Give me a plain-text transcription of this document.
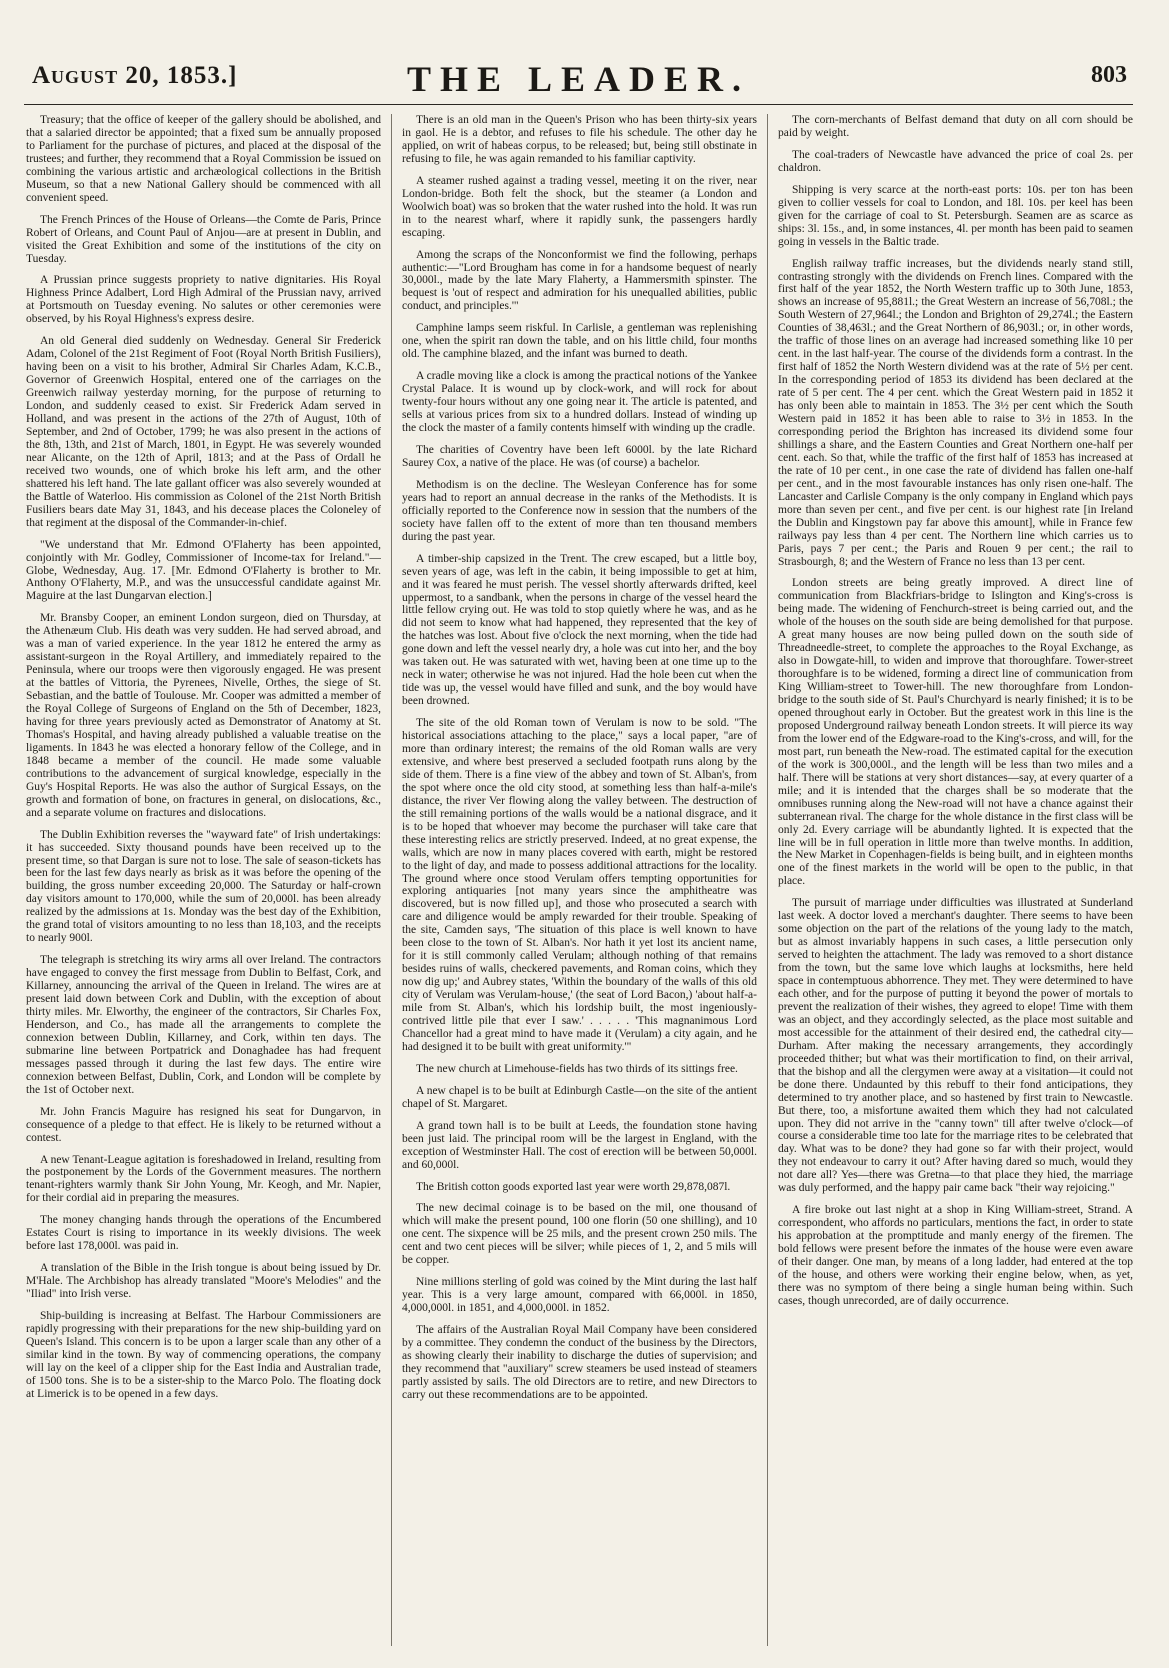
August 20, 1853.]	THE LEADER.	803

Treasury; that the office of keeper of the gallery should be abolished, and that a salaried director be appointed; that a fixed sum be annually proposed to Parliament for the purchase of pictures, and placed at the disposal of the trustees; and further, they recommend that a Royal Commission be issued on combining the various artistic and archæological collections in the British Museum, so that a new National Gallery should be commenced with all convenient speed.

The French Princes of the House of Orleans—the Comte de Paris, Prince Robert of Orleans, and Count Paul of Anjou—are at present in Dublin, and visited the Great Exhibition and some of the institutions of the city on Tuesday.

A Prussian prince suggests propriety to native dignitaries. His Royal Highness Prince Adalbert, Lord High Admiral of the Prussian navy, arrived at Portsmouth on Tuesday evening. No salutes or other ceremonies were observed, by his Royal Highness's express desire.

An old General died suddenly on Wednesday. General Sir Frederick Adam, Colonel of the 21st Regiment of Foot (Royal North British Fusiliers), having been on a visit to his brother, Admiral Sir Charles Adam, K.C.B., Governor of Greenwich Hospital, entered one of the carriages on the Greenwich railway yesterday morning, for the purpose of returning to London, and suddenly ceased to exist. Sir Frederick Adam served in Holland, and was present in the actions of the 27th of August, 10th of September, and 2nd of October, 1799; he was also present in the actions of the 8th, 13th, and 21st of March, 1801, in Egypt. He was severely wounded near Alicante, on the 12th of April, 1813; and at the Pass of Ordall he received two wounds, one of which broke his left arm, and the other shattered his left hand. The late gallant officer was also severely wounded at the Battle of Waterloo. His commission as Colonel of the 21st North British Fusiliers bears date May 31, 1843, and his decease places the Coloneley of that regiment at the disposal of the Commander-in-chief.

"We understand that Mr. Edmond O'Flaherty has been appointed, conjointly with Mr. Godley, Commissioner of Income-tax for Ireland."—Globe, Wednesday, Aug. 17. [Mr. Edmond O'Flaherty is brother to Mr. Anthony O'Flaherty, M.P., and was the unsuccessful candidate against Mr. Maguire at the last Dungarvan election.]

Mr. Bransby Cooper, an eminent London surgeon, died on Thursday, at the Athenæum Club. His death was very sudden. He had served abroad, and was a man of varied experience. In the year 1812 he entered the army as assistant-surgeon in the Royal Artillery, and immediately repaired to the Peninsula, where our troops were then vigorously engaged. He was present at the battles of Vittoria, the Pyrenees, Nivelle, Orthes, the siege of St. Sebastian, and the battle of Toulouse. Mr. Cooper was admitted a member of the Royal College of Surgeons of England on the 5th of December, 1823, having for three years previously acted as Demonstrator of Anatomy at St. Thomas's Hospital, and having already published a valuable treatise on the ligaments. In 1843 he was elected a honorary fellow of the College, and in 1848 became a member of the council. He made some valuable contributions to the advancement of surgical knowledge, especially in the Guy's Hospital Reports. He was also the author of Surgical Essays, on the growth and formation of bone, on fractures in general, on dislocations, &c., and a separate volume on fractures and dislocations.

The Dublin Exhibition reverses the "wayward fate" of Irish undertakings: it has succeeded. Sixty thousand pounds have been received up to the present time, so that Dargan is sure not to lose. The sale of season-tickets has been for the last few days nearly as brisk as it was before the opening of the building, the gross number exceeding 20,000. The Saturday or half-crown day visitors amount to 170,000, while the sum of 20,000l. has been already realized by the admissions at 1s. Monday was the best day of the Exhibition, the grand total of visitors amounting to no less than 18,103, and the receipts to nearly 900l.

The telegraph is stretching its wiry arms all over Ireland. The contractors have engaged to convey the first message from Dublin to Belfast, Cork, and Killarney, announcing the arrival of the Queen in Ireland. The wires are at present laid down between Cork and Dublin, with the exception of about thirty miles. Mr. Elworthy, the engineer of the contractors, Sir Charles Fox, Henderson, and Co., has made all the arrangements to complete the connexion between Dublin, Killarney, and Cork, within ten days. The submarine line between Portpatrick and Donaghadee has had frequent messages passed through it during the last few days. The entire wire connexion between Belfast, Dublin, Cork, and London will be complete by the 1st of October next.

Mr. John Francis Maguire has resigned his seat for Dungarvon, in consequence of a pledge to that effect. He is likely to be returned without a contest.

A new Tenant-League agitation is foreshadowed in Ireland, resulting from the postponement by the Lords of the Government measures. The northern tenant-righters warmly thank Sir John Young, Mr. Keogh, and Mr. Napier, for their cordial aid in preparing the measures.

The money changing hands through the operations of the Encumbered Estates Court is rising to importance in its weekly divisions. The week before last 178,000l. was paid in.

A translation of the Bible in the Irish tongue is about being issued by Dr. M'Hale. The Archbishop has already translated "Moore's Melodies" and the "Iliad" into Irish verse.

Ship-building is increasing at Belfast. The Harbour Commissioners are rapidly progressing with their preparations for the new ship-building yard on Queen's Island. This concern is to be upon a larger scale than any other of a similar kind in the town. By way of commencing operations, the company will lay on the keel of a clipper ship for the East India and Australian trade, of 1500 tons. She is to be a sister-ship to the Marco Polo. The floating dock at Limerick is to be opened in a few days.

There is an old man in the Queen's Prison who has been thirty-six years in gaol. He is a debtor, and refuses to file his schedule. The other day he applied, on writ of habeas corpus, to be released; but, being still obstinate in refusing to file, he was again remanded to his familiar captivity.

A steamer rushed against a trading vessel, meeting it on the river, near London-bridge. Both felt the shock, but the steamer (a London and Woolwich boat) was so broken that the water rushed into the hold. It was run in to the nearest wharf, where it rapidly sunk, the passengers hardly escaping.

Among the scraps of the Nonconformist we find the following, perhaps authentic:—"Lord Brougham has come in for a handsome bequest of nearly 30,000l., made by the late Mary Flaherty, a Hammersmith spinster. The bequest is 'out of respect and admiration for his unequalled abilities, public conduct, and principles.'"

Camphine lamps seem riskful. In Carlisle, a gentleman was replenishing one, when the spirit ran down the table, and on his little child, four months old. The camphine blazed, and the infant was burned to death.

A cradle moving like a clock is among the practical notions of the Yankee Crystal Palace. It is wound up by clock-work, and will rock for about twenty-four hours without any one going near it. The article is patented, and sells at various prices from six to a hundred dollars. Instead of winding up the clock the master of a family contents himself with winding up the cradle.

The charities of Coventry have been left 6000l. by the late Richard Saurey Cox, a native of the place. He was (of course) a bachelor.

Methodism is on the decline. The Wesleyan Conference has for some years had to report an annual decrease in the ranks of the Methodists. It is officially reported to the Conference now in session that the numbers of the society have fallen off to the extent of more than ten thousand members during the past year.

A timber-ship capsized in the Trent. The crew escaped, but a little boy, seven years of age, was left in the cabin, it being impossible to get at him, and it was feared he must perish. The vessel shortly afterwards drifted, keel uppermost, to a sandbank, when the persons in charge of the vessel heard the little fellow crying out. He was told to stop quietly where he was, and as he did not seem to know what had happened, they represented that the key of the hatches was lost. About five o'clock the next morning, when the tide had gone down and left the vessel nearly dry, a hole was cut into her, and the boy was taken out. He was saturated with wet, having been at one time up to the neck in water; otherwise he was not injured. Had the hole been cut when the tide was up, the vessel would have filled and sunk, and the boy would have been drowned.

The site of the old Roman town of Verulam is now to be sold. "The historical associations attaching to the place," says a local paper, "are of more than ordinary interest; the remains of the old Roman walls are very extensive, and where best preserved a secluded footpath runs along by the side of them. There is a fine view of the abbey and town of St. Alban's, from the spot where once the old city stood, at something less than half-a-mile's distance, the river Ver flowing along the valley between. The destruction of the still remaining portions of the walls would be a national disgrace, and it is to be hoped that whoever may become the purchaser will take care that these interesting relics are strictly preserved. Indeed, at no great expense, the walls, which are now in many places covered with earth, might be restored to the light of day, and made to possess additional attractions for the locality. The ground where once stood Verulam offers tempting opportunities for exploring antiquaries [not many years since the amphitheatre was discovered, but is now filled up], and those who prosecuted a search with care and diligence would be amply rewarded for their trouble. Speaking of the site, Camden says, 'The situation of this place is well known to have been close to the town of St. Alban's. Nor hath it yet lost its ancient name, for it is still commonly called Verulam; although nothing of that remains besides ruins of walls, checkered pavements, and Roman coins, which they now dig up;' and Aubrey states, 'Within the boundary of the walls of this old city of Verulam was Verulam-house,' (the seat of Lord Bacon,) 'about half-a-mile from St. Alban's, which his lordship built, the most ingeniously-contrived little pile that ever I saw.' . . . . . 'This magnanimous Lord Chancellor had a great mind to have made it (Verulam) a city again, and he had designed it to be built with great uniformity.'"

The new church at Limehouse-fields has two thirds of its sittings free.

A new chapel is to be built at Edinburgh Castle—on the site of the antient chapel of St. Margaret.

A grand town hall is to be built at Leeds, the foundation stone having been just laid. The principal room will be the largest in England, with the exception of Westminster Hall. The cost of erection will be between 50,000l. and 60,000l.

The British cotton goods exported last year were worth 29,878,087l.

The new decimal coinage is to be based on the mil, one thousand of which will make the present pound, 100 one florin (50 one shilling), and 10 one cent. The sixpence will be 25 mils, and the present crown 250 mils. The cent and two cent pieces will be silver; while pieces of 1, 2, and 5 mils will be copper.

Nine millions sterling of gold was coined by the Mint during the last half year. This is a very large amount, compared with 66,000l. in 1850, 4,000,000l. in 1851, and 4,000,000l. in 1852.

The affairs of the Australian Royal Mail Company have been considered by a committee. They condemn the conduct of the business by the Directors, as showing clearly their inability to discharge the duties of supervision; and they recommend that "auxiliary" screw steamers be used instead of steamers partly assisted by sails. The old Directors are to retire, and new Directors to carry out these recommendations are to be appointed.

The corn-merchants of Belfast demand that duty on all corn should be paid by weight.

The coal-traders of Newcastle have advanced the price of coal 2s. per chaldron.

Shipping is very scarce at the north-east ports: 10s. per ton has been given to collier vessels for coal to London, and 18l. 10s. per keel has been given for the carriage of coal to St. Petersburgh. Seamen are as scarce as ships: 3l. 15s., and, in some instances, 4l. per month has been paid to seamen going in vessels in the Baltic trade.

English railway traffic increases, but the dividends nearly stand still, contrasting strongly with the dividends on French lines. Compared with the first half of the year 1852, the North Western traffic up to 30th June, 1853, shows an increase of 95,881l.; the Great Western an increase of 56,708l.; the South Western of 27,964l.; the London and Brighton of 29,274l.; the Eastern Counties of 38,463l.; and the Great Northern of 86,903l.; or, in other words, the traffic of those lines on an average had increased something like 10 per cent. in the last half-year. The course of the dividends form a contrast. In the first half of 1852 the North Western dividend was at the rate of 5½ per cent. In the corresponding period of 1853 its dividend has been declared at the rate of 5 per cent. The 4 per cent. which the Great Western paid in 1852 it has only been able to maintain in 1853. The 3½ per cent which the South Western paid in 1852 it has been able to raise to 3½ in 1853. In the corresponding period the Brighton has increased its dividend some four shillings a share, and the Eastern Counties and Great Northern one-half per cent. each. So that, while the traffic of the first half of 1853 has increased at the rate of 10 per cent., in one case the rate of dividend has fallen one-half per cent., and in the most favourable instances has only risen one-half. The Lancaster and Carlisle Company is the only company in England which pays more than seven per cent., and five per cent. is our highest rate [in Ireland the Dublin and Kingstown pay far above this amount], while in France few railways pay less than 4 per cent. The Northern line which carries us to Paris, pays 7 per cent.; the Paris and Rouen 9 per cent.; the rail to Strasbourgh, 8; and the Western of France no less than 13 per cent.

London streets are being greatly improved. A direct line of communication from Blackfriars-bridge to Islington and King's-cross is being made. The widening of Fenchurch-street is being carried out, and the whole of the houses on the south side are being demolished for that purpose. A great many houses are now being pulled down on the south side of Threadneedle-street, to complete the approaches to the Royal Exchange, as also in Dowgate-hill, to widen and improve that thoroughfare. Tower-street thoroughfare is to be widened, forming a direct line of communication from King William-street to Tower-hill. The new thoroughfare from London-bridge to the south side of St. Paul's Churchyard is nearly finished; it is to be opened throughout early in October. But the greatest work in this line is the proposed Underground railway beneath London streets. It will pierce its way from the lower end of the Edgware-road to the King's-cross, and will, for the most part, run beneath the New-road. The estimated capital for the execution of the work is 300,000l., and the length will be less than two miles and a half. There will be stations at very short distances—say, at every quarter of a mile; and it is intended that the charges shall be so moderate that the omnibuses running along the New-road will not have a chance against their subterranean rival. The charge for the whole distance in the first class will be only 2d. Every carriage will be abundantly lighted. It is expected that the line will be in full operation in little more than twelve months. In addition, the New Market in Copenhagen-fields is being built, and in eighteen months one of the finest markets in the world will be open to the public, in that place.

The pursuit of marriage under difficulties was illustrated at Sunderland last week. A doctor loved a merchant's daughter. There seems to have been some objection on the part of the relations of the young lady to the match, but as almost invariably happens in such cases, a little persecution only served to heighten the attachment. The lady was removed to a short distance from the town, but the same love which laughs at locksmiths, here held space in contemptuous abhorrence. They met. They were determined to have each other, and for the purpose of putting it beyond the power of mortals to prevent the realization of their wishes, they agreed to elope! Time with them was an object, and they accordingly selected, as the place most suitable and most accessible for the attainment of their desired end, the cathedral city—Durham. After making the necessary arrangements, they accordingly proceeded thither; but what was their mortification to find, on their arrival, that the bishop and all the clergymen were away at a visitation—it could not be done there. Undaunted by this rebuff to their fond anticipations, they determined to try another place, and so hastened by first train to Newcastle. But there, too, a misfortune awaited them which they had not calculated upon. They did not arrive in the "canny town" till after twelve o'clock—of course a considerable time too late for the marriage rites to be celebrated that day. What was to be done? they had gone so far with their project, would they not endeavour to carry it out? After having dared so much, would they not dare all? Yes—there was Gretna—to that place they hied, the marriage was duly performed, and the happy pair came back "their way rejoicing."

A fire broke out last night at a shop in King William-street, Strand. A correspondent, who affords no particulars, mentions the fact, in order to state his approbation at the promptitude and manly energy of the firemen. The bold fellows were present before the inmates of the house were even aware of their danger. One man, by means of a long ladder, had entered at the top of the house, and others were working their engine below, when, as yet, there was no symptom of there being a single human being within. Such cases, though unrecorded, are of daily occurrence.
